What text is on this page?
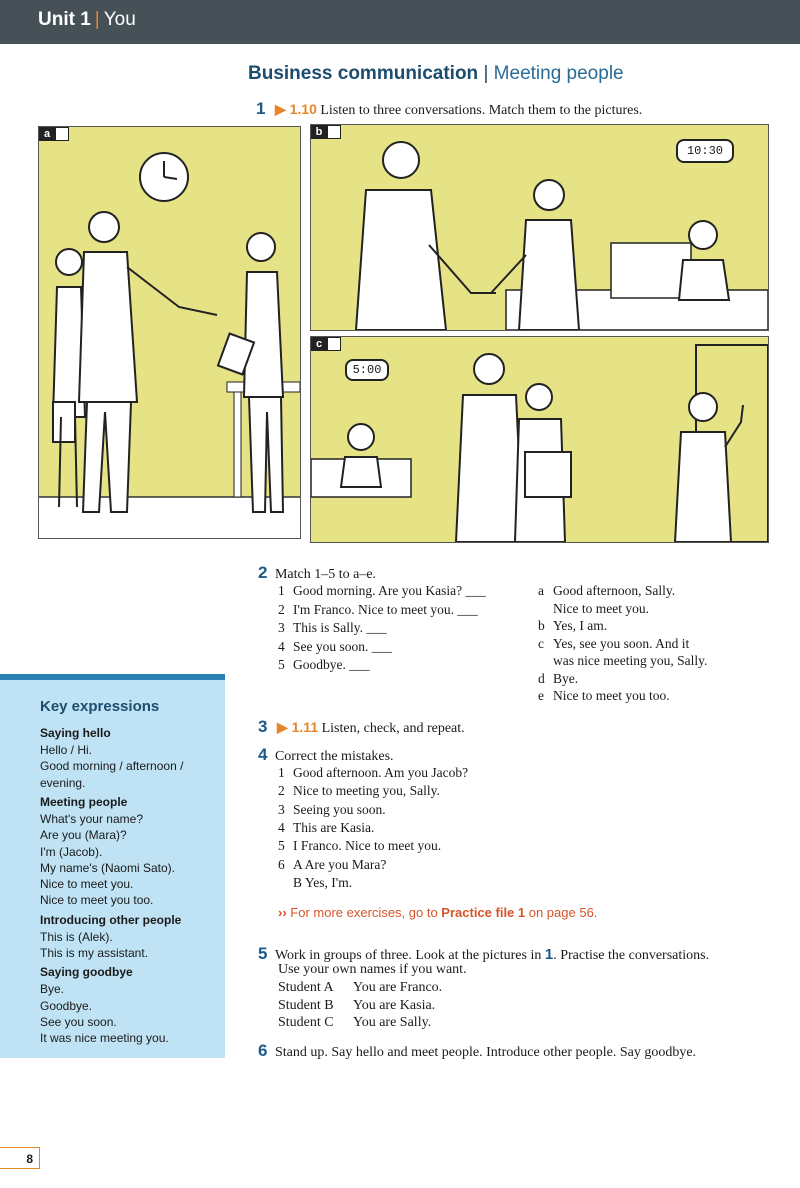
Unit 1 | You
Business communication | Meeting people
1 ▶ 1.10 Listen to three conversations. Match them to the pictures.
a	b
10:30
c
5:00
2 Match 1–5 to a–e.
1 Good morning. Are you Kasia? ___
2 I'm Franco. Nice to meet you. ___
3 This is Sally. ___
4 See you soon. ___
5 Goodbye. ___
a Good afternoon, Sally.
Nice to meet you.
b Yes, I am.
c Yes, see you soon. And it
was nice meeting you, Sally.
d Bye.
e Nice to meet you too.
Key expressions
Saying hello
Hello / Hi.
Good morning / afternoon /
evening.
Meeting people
What's your name?
Are you (Mara)?
I'm (Jacob).
My name's (Naomi Sato).
Nice to meet you.
Nice to meet you too.
Introducing other people
This is (Alek).
This is my assistant.
Saying goodbye
Bye.
Goodbye.
See you soon.
It was nice meeting you.
3 ▶ 1.11 Listen, check, and repeat.
4 Correct the mistakes.
1 Good afternoon. Am you Jacob?
2 Nice to meeting you, Sally.
3 Seeing you soon.
4 This are Kasia.
5 I Franco. Nice to meet you.
6 A Are you Mara?
B Yes, I'm.
›› For more exercises, go to Practice file 1 on page 56.
5 Work in groups of three. Look at the pictures in 1. Practise the conversations.
Use your own names if you want.
Student A You are Franco.
Student B You are Kasia.
Student C You are Sally.
6 Stand up. Say hello and meet people. Introduce other people. Say goodbye.
8
